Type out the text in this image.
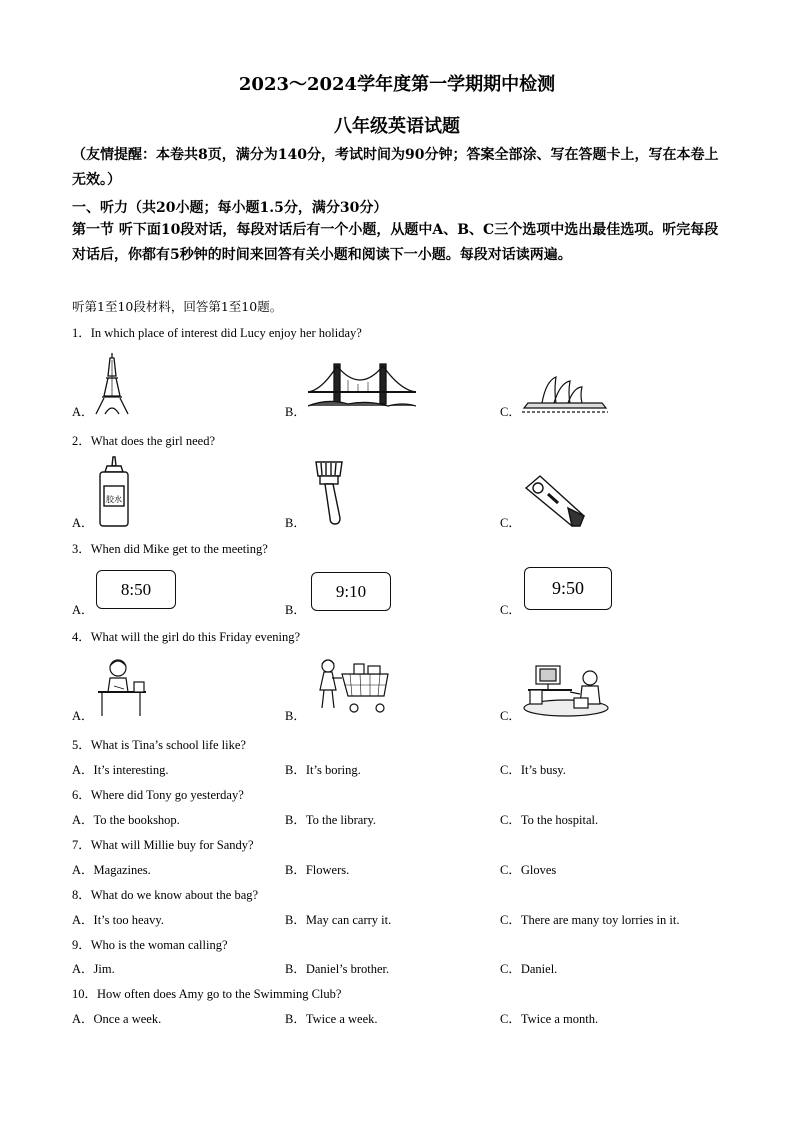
2023～2024学年度第一学期期中检测
八年级英语试题
（友情提醒：本卷共8页，满分为140分，考试时间为90分钟；答案全部涂、写在答题卡上，写在本卷上无效。）
一、听力（共20小题；每小题1.5分，满分30分）
第一节 听下面10段对话，每段对话后有一个小题，从题中A、B、C三个选项中选出最佳选项。听完每段对话后，你都有5秒钟的时间来回答有关小题和阅读下一小题。每段对话读两遍。
听第1至10段材料，回答第1至10题。
1．In which place of interest did Lucy enjoy her holiday?
A．	B．	C．
2．What does the girl need?
A．	B．	C．
胶水
3．When did Mike get to the meeting?
A．	B．	C．
8:50	9:10	9:50
4．What will the girl do this Friday evening?
A．	B．	C．
5．What is Tina’s school life like?
A．It’s interesting.	B．It’s boring.	C．It’s busy.
6．Where did Tony go yesterday?
A．To the bookshop.	B．To the library.	C．To the hospital.
7．What will Millie buy for Sandy?
A．Magazines.	B．Flowers.	C．Gloves
8．What do we know about the bag?
A．It’s too heavy.	B．May can carry it.	C．There are many toy lorries in it.
9．Who is the woman calling?
A．Jim.	B．Daniel’s brother.	C．Daniel.
10．How often does Amy go to the Swimming Club?
A．Once a week.	B．Twice a week.	C．Twice a month.
